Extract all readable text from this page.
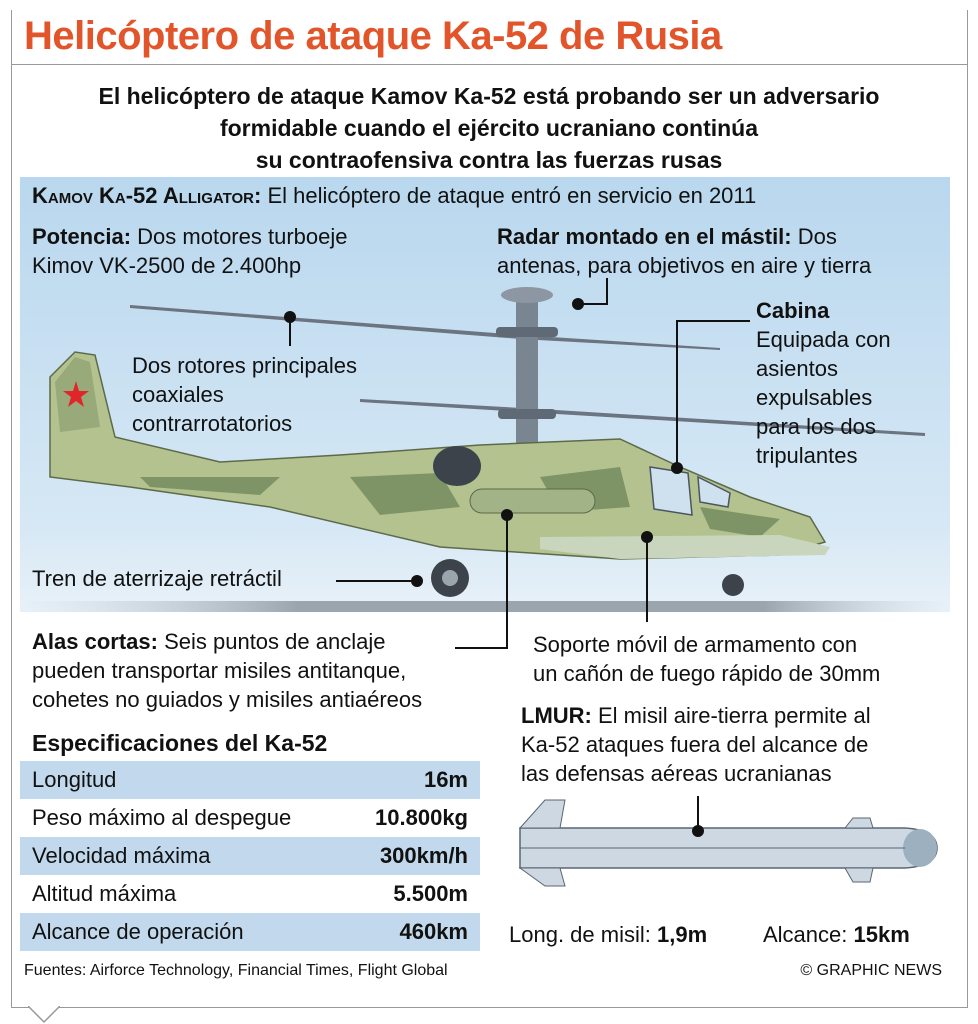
Helicóptero de ataque Ka-52 de Rusia
El helicóptero de ataque Kamov Ka-52 está probando ser un adversario
formidable cuando el ejército ucraniano continúa
su contraofensiva contra las fuerzas rusas
Kamov Ka-52 Alligator: El helicóptero de ataque entró en servicio en 2011
Potencia: Dos motores turboeje
Kimov VK-2500 de 2.400hp
Radar montado en el mástil: Dos
antenas, para objetivos en aire y tierra
Cabina
Equipada con
asientos
expulsables
para los dos
tripulantes
Dos rotores principales
coaxiales
contrarrotatorios
Tren de aterrizaje retráctil
Alas cortas: Seis puntos de anclaje
pueden transportar misiles antitanque,
cohetes no guiados y misiles antiaéreos
Soporte móvil de armamento con
un cañón de fuego rápido de 30mm
LMUR: El misil aire-tierra permite al
Ka-52 ataques fuera del alcance de
las defensas aéreas ucranianas
Long. de misil: 1,9m	Alcance: 15km
Especificaciones del Ka-52
Longitud	16m
Peso máximo al despegue	10.800kg
Velocidad máxima	300km/h
Altitud máxima	5.500m
Alcance de operación	460km
Fuentes: Airforce Technology, Financial Times, Flight Global	© GRAPHIC NEWS
